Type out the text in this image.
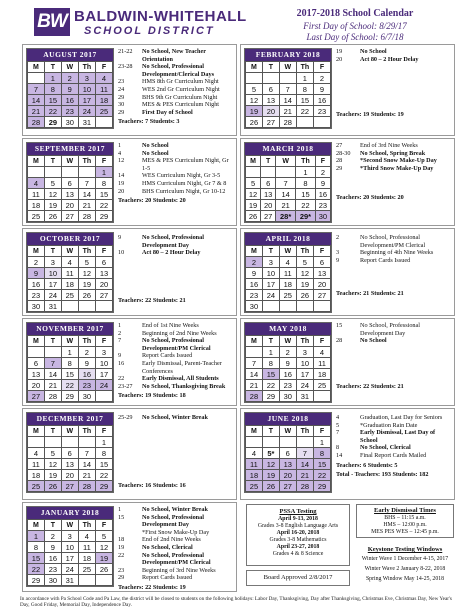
BW BALDWIN-WHITEHALL
SCHOOL DISTRICT
2017-2018 School Calendar
First Day of School: 8/29/17
Last Day of School: 6/7/18
AUGUST 2017
M	T	W	Th	F
	1	2	3	4
7	8	9	10	11
14	15	16	17	18
21	22	23	24	25
28	29	30	31	
SEPTEMBER 2017
M	T	W	Th	F
				1
4	5	6	7	8
11	12	13	14	15
18	19	20	21	22
25	26	27	28	29
OCTOBER 2017
M	T	W	Th	F
2	3	4	5	6
9	10	11	12	13
16	17	18	19	20
23	24	25	26	27
30	31			
NOVEMBER 2017
M	T	W	Th	F
		1	2	3
6	7	8	9	10
13	14	15	16	17
20	21	22	23	24
27	28	29	30	
DECEMBER 2017
M	T	W	Th	F
				1
4	5	6	7	8
11	12	13	14	15
18	19	20	21	22
25	26	27	28	29
JANUARY 2018
M	T	W	Th	F
1	2	3	4	5
8	9	10	11	12
15	16	17	18	19
22	23	24	25	26
29	30	31		
FEBRUARY 2018
M	T	W	Th	F
			1	2
5	6	7	8	9
12	13	14	15	16
19	20	21	22	23
26	27	28		
MARCH 2018
M	T	W	Th	F
			1	2
5	6	7	8	9
12	13	14	15	16
19	20	21	22	23
26	27	28*	29*	30
APRIL 2018
M	T	W	Th	F
2	3	4	5	6
9	10	11	12	13
16	17	18	19	20
23	24	25	26	27
30				
MAY 2018
M	T	W	Th	F
	1	2	3	4
7	8	9	10	11
14	15	16	17	18
21	22	23	24	25
28	29	30	31	
JUNE 2018
M	T	W	Th	F
				1
4	5*	6	7	8
11	12	13	14	15
18	19	20	21	22
25	26	27	28	29
21-22	No School, New Teacher Orientation
23-28	No School, Professional Development/Clerical Days
23	HMS 8th Gr Curriculum Night
24	WES 2nd Gr Curriculum Night
29	BHS 9th Gr Curriculum Night
30	MES & PES Curriculum Night
29	First Day of School
Teachers: 7 Students: 3
1	No School
4	No School
12	MES & PES Curriculum Night, Gr 1-5
14	WES Curriculum Night, Gr 3-5
19	HMS Curriculum Night, Gr 7 & 8
20	BHS Curriculum Night, Gr 10-12
Teachers: 20 Students: 20
9	No School, Professional Development Day
10	Act 80 – 2 Hour Delay
Teachers: 22 Students: 21
1	End of 1st Nine Weeks
2	Beginning of 2nd Nine Weeks
7	No School, Professional Development/PM Clerical
9	Report Cards Issued
16	Early Dismissal, Parent-Teacher Conferences
22	Early Dismissal, All Students
23-27	No School, Thanksgiving Break
Teachers: 19 Students: 18
25-29	No School, Winter Break
Teachers: 16 Students: 16
1	No School, Winter Break
15	No School, Professional Development Day
*First Snow Make-Up Day
18	End of 2nd Nine Weeks
19	No School, Clerical
22	No School, Professional Development/PM Clerical
23	Beginning of 3rd Nine Weeks
29	Report Cards Issued
Teachers: 22 Students: 19
19	No School
20	Act 80 – 2 Hour Delay
Teachers: 19 Students: 19
27	End of 3rd Nine Weeks
28-30	No School, Spring Break
28	*Second Snow Make-Up Day
29	*Third Snow Make-Up Day
Teachers: 20 Students: 20
2	No School, Professional Development/PM Clerical
3	Beginning of 4th Nine Weeks
9	Report Cards Issued
Teachers: 21 Students: 21
15	No School, Professional Development Day
28	No School
Teachers: 22 Students: 21
4	Graduation, Last Day for Seniors
5	*Graduation Rain Date
7	Early Dismissal, Last Day of School
8	No School, Clerical
14	Final Report Cards Mailed
Teachers: 6 Students: 5
Total - Teachers: 193 Students: 182
PSSA Testing
April 9-13, 2018
Grades 3-8 English Language Arts
April 16-20, 2018
Grades 3-8 Mathematics
April 23-27, 2018
Grades 4 & 8 Science
Board Approved 2/8/2017
Early Dismissal Times
BHS – 11:15 a.m.
HMS – 12:00 p.m.
MES PES WES – 12:45 p.m.
Keystone Testing Windows
Winter Wave 1 December 4-15, 2017
Winter Wave 2 January 8-22, 2018
Spring Window May 14-25, 2018
In accordance with Pa School Code and Pa Law, the district will be closed to students on the following holidays: Labor Day, Thanksgiving, Day after Thanksgiving, Christmas Eve, Christmas Day, New Year's Day, Good Friday, Memorial Day, Independence Day.
